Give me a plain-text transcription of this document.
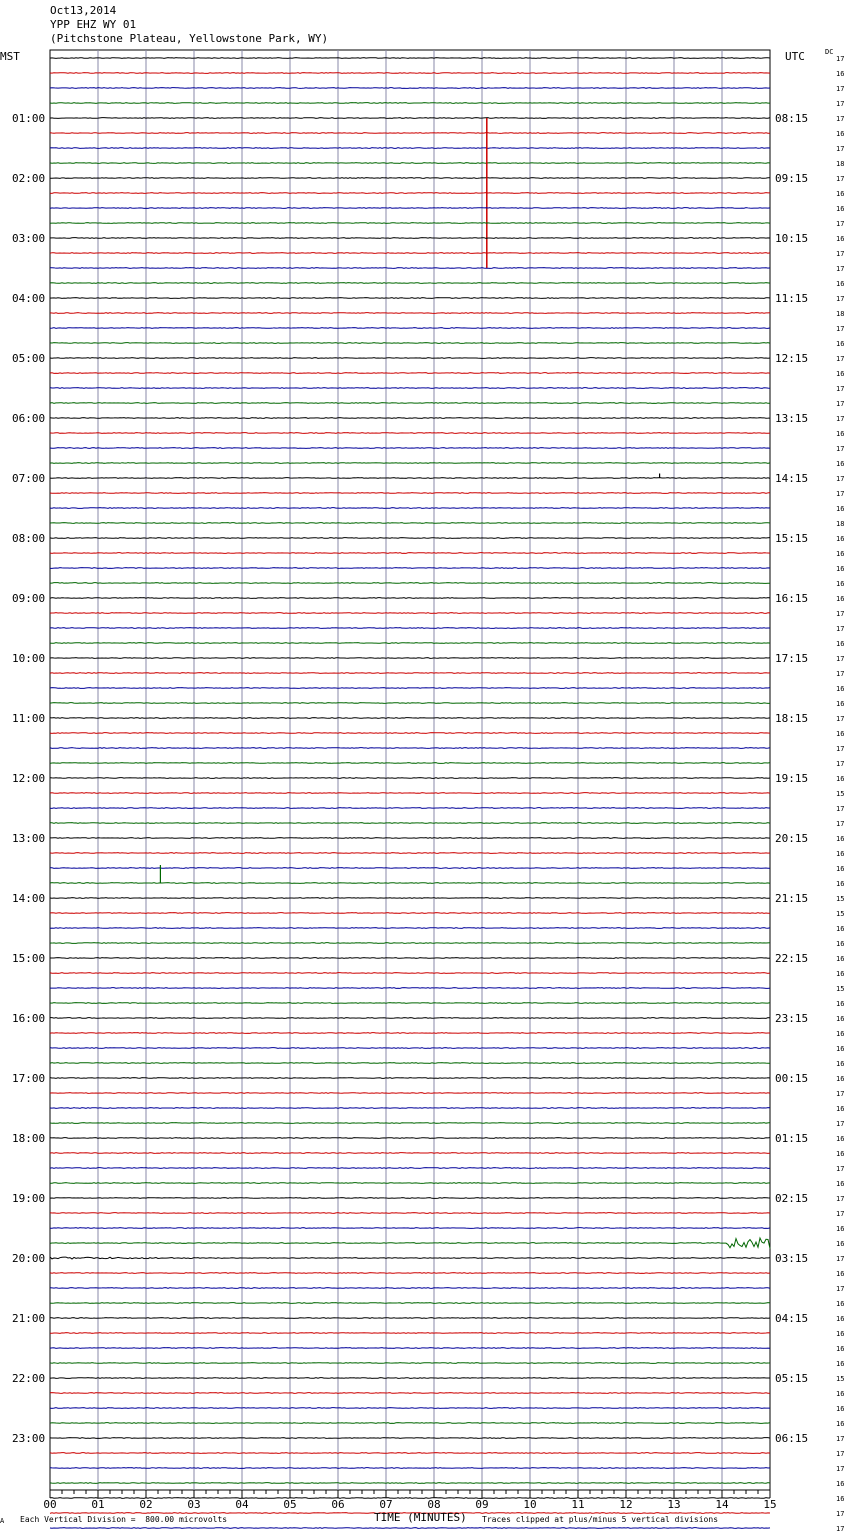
Oct13,2014
YPP EHZ WY 01
(Pitchstone Plateau, Yellowstone Park, WY)
MST	UTC	DC
00	01	02	03	04	05	06	07	08	09	10	11	12	13	14	15
17
16
17
17
17
16
17
18
17
16
16
17
16
17
17
16
17
18
17
16
17
16
17
17
17
16
17
16
17
17
16
18
16
16
16
16
16
17
17
16
17
17
16
16
17
16
17
17
16
15
17
17
16
16
16
16
15
15
16
16
16
16
15
16
16
16
16
16
16
17
16
17
16
16
17
16
17
17
16
16
17
16
17
16
16
16
16
16
15
16
16
16
17
17
17
16
16
17
17
01:00	08:15
02:00	09:15
03:00	10:15
04:00	11:15
05:00	12:15
06:00	13:15
07:00	14:15
08:00	15:15
09:00	16:15
10:00	17:15
11:00	18:15
12:00	19:15
13:00	20:15
14:00	21:15
15:00	22:15
16:00	23:15
17:00	00:15
18:00	01:15
19:00	02:15
20:00	03:15
21:00	04:15
22:00	05:15
23:00	06:15
A Each Vertical Division =  800.00 microvolts	TIME (MINUTES) Traces clipped at plus/minus 5 vertical divisions
